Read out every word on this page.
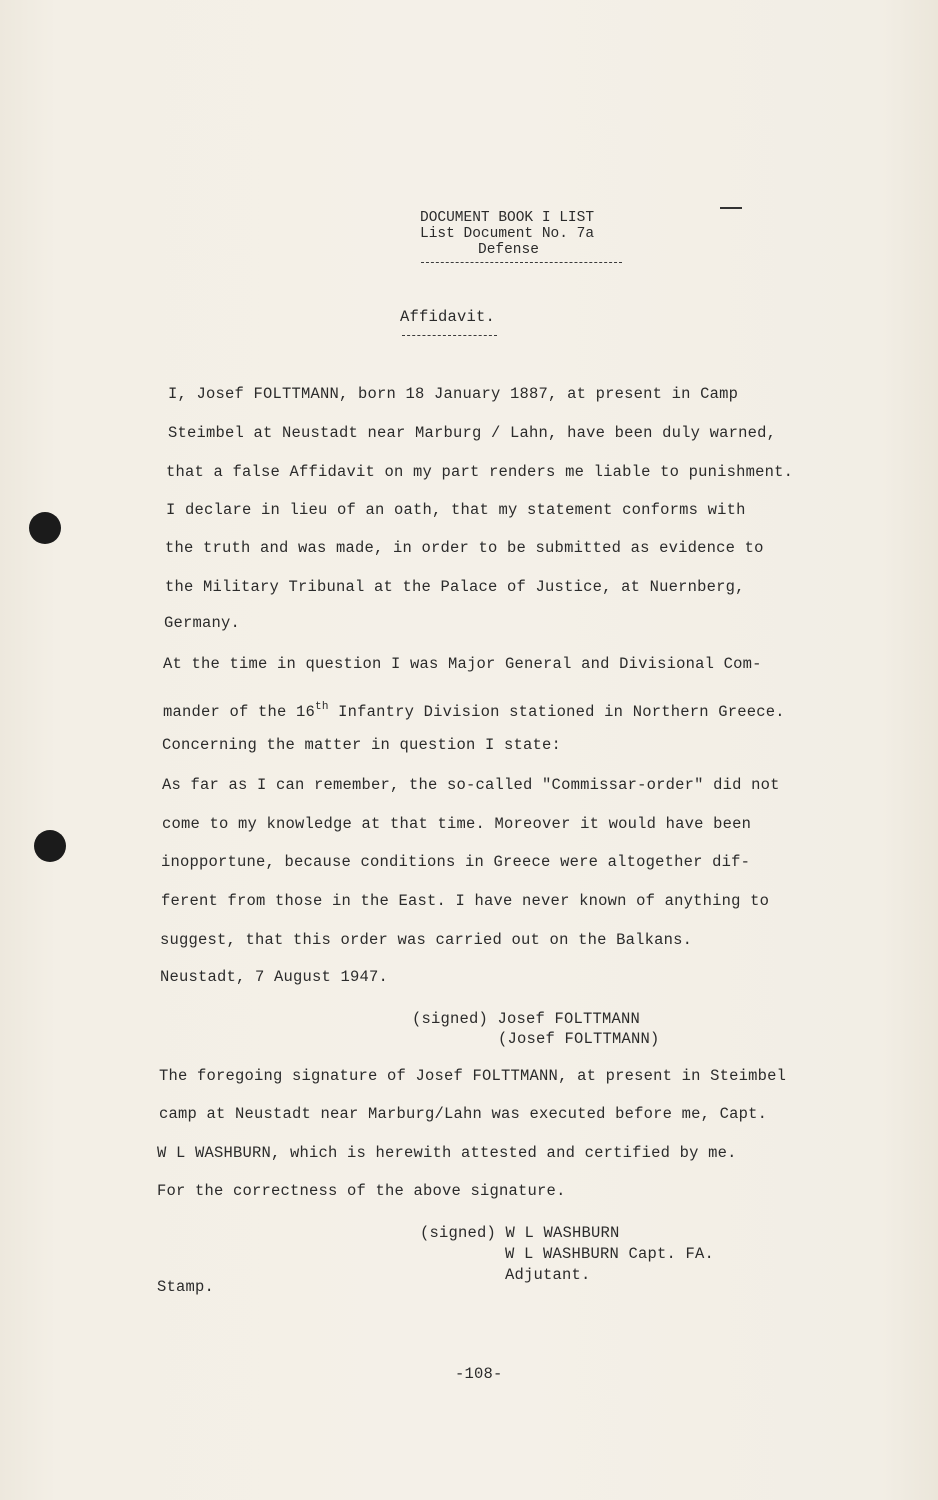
DOCUMENT BOOK I LIST
List Document No. 7a
Defense
Affidavit.
I, Josef FOLTTMANN, born 18 January 1887, at present in Camp
Steimbel at Neustadt near Marburg / Lahn, have been duly warned,
that a false Affidavit on my part renders me liable to punishment.
I declare in lieu of an oath, that my statement conforms with
the truth and was made, in order to be submitted as evidence to
the Military Tribunal at the Palace of Justice, at Nuernberg,
Germany.
At the time in question I was Major General and Divisional Com-
mander of the 16th Infantry Division stationed in Northern Greece.
Concerning the matter in question I state:
As far as I can remember, the so-called "Commissar-order" did not
come to my knowledge at that time. Moreover it would have been
inopportune, because conditions in Greece were altogether dif-
ferent from those in the East. I have never known of anything to
suggest, that this order was carried out on the Balkans.
Neustadt, 7 August 1947.
(signed) Josef FOLTTMANN
(Josef FOLTTMANN)
The foregoing signature of Josef FOLTTMANN, at present in Steimbel
camp at Neustadt near Marburg/Lahn was executed before me, Capt.
W L WASHBURN, which is herewith attested and certified by me.
For the correctness of the above signature.
(signed) W L WASHBURN
W L WASHBURN Capt. FA.
Adjutant.
Stamp.
-108-
